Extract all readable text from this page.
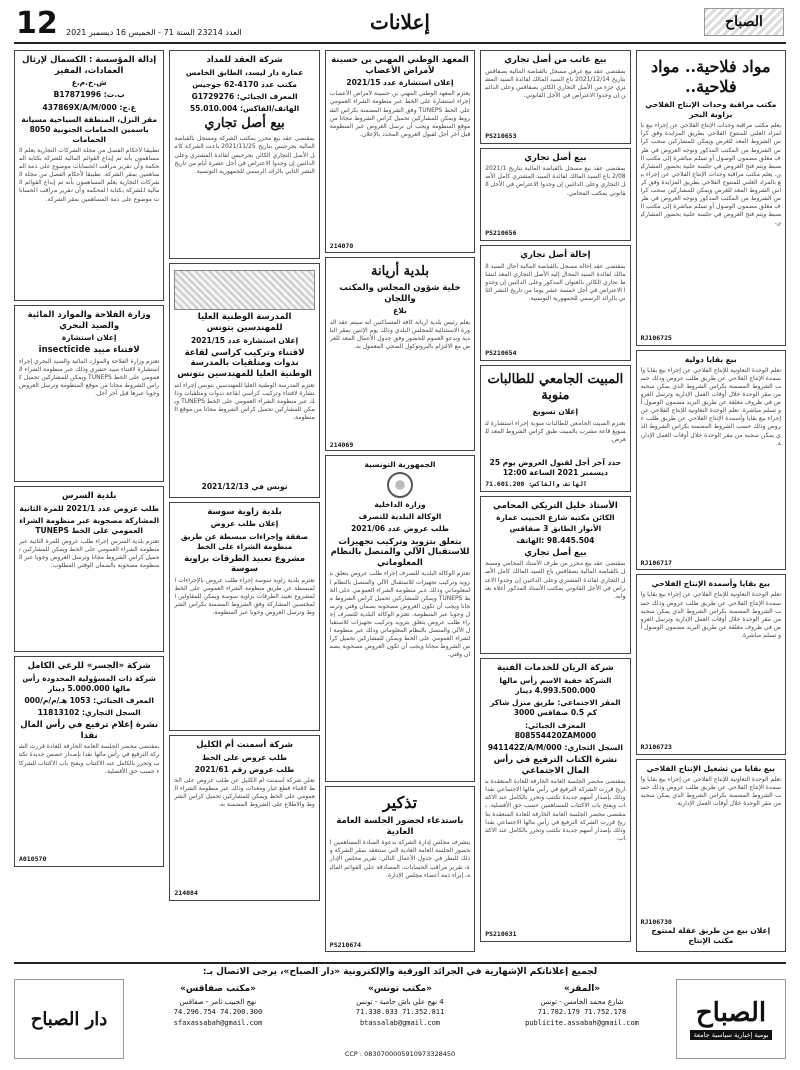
12 العدد 23214 السنة 71 - الخميس 16 ديسمبر 2021	إعلانات	الصباح
مواد فلاحية.. مواد فلاحية..
مكتب مراقبة وحدات الإنتاج الفلاحي بزاوية البحر
يعلم مكتب مراقبة وحدات الإنتاج الفلاحي عن إجراء بيع بالمزاد العلني للمنتوج الفلاحي بطريق المزايدة وفق كراس الشروط المعد للغرض ويمكن للمشاركين سحب كراس الشروط من المكتب المذكور وتوجه العروض في ظرف مغلق مضمون الوصول أو تسلم مباشرة إلى مكتب الضبط ويتم فتح العروض في جلسة علنية بحضور المشاركين. يعلم مكتب مراقبة وحدات الإنتاج الفلاحي عن إجراء بيع بالمزاد العلني للمنتوج الفلاحي بطريق المزايدة وفق كراس الشروط المعد للغرض ويمكن للمشاركين سحب كراس الشروط من المكتب المذكور وتوجه العروض في ظرف مغلق مضمون الوصول أو تسلم مباشرة إلى مكتب الضبط ويتم فتح العروض في جلسة علنية بحضور المشاركين.
RJ106725
بيع بقايا دولية
تعلم الوحدة التعاونية للإنتاج الفلاحي عن إجراء بيع بقايا وأسمدة الإنتاج الفلاحي عن طريق طلب عروض وذلك حسب الشروط المضمنة بكراس الشروط الذي يمكن سحبه من مقر الوحدة خلال أوقات العمل الإدارية وترسل العروض في ظروف مغلقة عن طريق البريد مضمون الوصول أو تسلم مباشرة. تعلم الوحدة التعاونية للإنتاج الفلاحي عن إجراء بيع بقايا وأسمدة الإنتاج الفلاحي عن طريق طلب عروض وذلك حسب الشروط المضمنة بكراس الشروط الذي يمكن سحبه من مقر الوحدة خلال أوقات العمل الإدارية.
RJ106717
بيع بقايا وأسمدة الإنتاج الفلاحي
تعلم الوحدة التعاونية للإنتاج الفلاحي عن إجراء بيع بقايا وأسمدة الإنتاج الفلاحي عن طريق طلب عروض وذلك حسب الشروط المضمنة بكراس الشروط الذي يمكن سحبه من مقر الوحدة خلال أوقات العمل الإدارية وترسل العروض في ظروف مغلقة عن طريق البريد مضمون الوصول أو تسلم مباشرة.
RJ106723
بيع بقايا من تشغيل الإنتاج الفلاحي
تعلم الوحدة التعاونية للإنتاج الفلاحي عن إجراء بيع بقايا وأسمدة الإنتاج الفلاحي عن طريق طلب عروض وذلك حسب الشروط المضمنة بكراس الشروط الذي يمكن سحبه من مقر الوحدة خلال أوقات العمل الإدارية.
RJ106730
إعلان بيع من طريق عقلة لمنتوج مكتب الإنتاج
بيع عاتب من أصل تجاري
بمقتضى عقد بيع عرفي مسجل بالقباضة المالية بصفاقس بتاريخ 2021/12/14 باع السيد المالك لفائدة السيد المشتري جزء من الأصل التجاري الكائن بصفاقس وعلى الدائنين إن وجدوا الاعتراض في الأجل القانوني.
PS210653
بيع أصل تجاري
بمقتضى عقد بيع مسجل بالقباضة المالية بتاريخ 2021/12/08 باع السيد المالك لفائدة السيد المشتري كامل الأصل التجاري وعلى الدائنين إن وجدوا الاعتراض في الأجل القانوني بمكتب المحامي.
PS210656
إحالة أصل تجاري
بمقتضى عقد إحالة مسجل بالقباضة المالية أحال السيد المالك لفائدة السيد المحال إليه الأصل التجاري المعد لنشاط تجاري الكائن بالعنوان المذكور وعلى الدائنين إن وجدوا الاعتراض في أجل خمسة عشر يوما من تاريخ النشر الثاني بالرائد الرسمي للجمهورية التونسية.
PS210654
المبيت الجامعي للطالبات منوبة
إعلان تسويغ
يعتزم المبيت الجامعي للطالبات منوبة إجراء استشارة لتسويغ قاعة مشرب بالمبيت طبق كراس الشروط المعد للغرض.
حدد آخر أجل لقبول العروض يوم 25 ديسمبر 2021 الساعة 12:00
71.601.200 :الهاتف والفاكس
الأستاذ خليل التريكي المحامي
الكائن مكتبه شارع الحبيب عمارة الأنوار الطابق 3 صفاقس
98.445.504 :الهاتف
بيع أصل تجاري
بمقتضى عقد بيع محرر من طرف الأستاذ المحامي ومسجل بالقباضة المالية بصفاقس باع السيد المالك كامل الأصل التجاري لفائدة المشتري وعلى الدائنين إن وجدوا الاعتراض في الأجل القانوني بمكتب الأستاذ المذكور أعلاه بعنوانه.
شركة الريان للخدمات الفنية
الشركة خفية الاسم رأس مالها 4.993.500.000 دينار
المقر الاجتماعي: طريق منزل شاكر كم 0.5 صفاقس 3000
المعرف الجبائي: 808554420ZAM000
السجل التجاري: 941142Z/A/M/000
نشرة الكتاب الترفيع في رأس المال الاجتماعي
بمقتضى محضر الجلسة العامة الخارقة للعادة المنعقدة بتاريخ قررت الشركة الترفيع في رأس مالها الاجتماعي نقدا وذلك بإصدار أسهم جديدة تكتتب وتحرر بالكامل عند الاكتتاب ويفتح باب الاكتتاب للمساهمين حسب حق الأفضلية. بمقتضى محضر الجلسة العامة الخارقة للعادة المنعقدة بتاريخ قررت الشركة الترفيع في رأس مالها الاجتماعي نقدا وذلك بإصدار أسهم جديدة تكتتب وتحرر بالكامل عند الاكتتاب.
PS210631
المعهد الوطني المهني بن حسينة لأمراض الأعصاب
إعلان استشارة عدد 2021/15
يعتزم المعهد الوطني المهني بن حسينة لأمراض الأعصاب إجراء استشارة على الخط عبر منظومة الشراء العمومي على الخط TUNEPS وفق الشروط المضمنة بكراس الشروط ويمكن للمشاركين تحميل كراس الشروط مجانا من موقع المنظومة ويجب أن ترسل العروض عبر المنظومة قبل آخر أجل لقبول العروض المحدد بالإعلان.
214070
بلدية أريانة
خلية شؤون المجلس والمكتب واللجان
بلاغ
يعلم رئيس بلدية أريانة كافة المتساكنين أنه سيتم عقد الدورة الاستثنائية للمجلس البلدي وذلك يوم الإثنين بمقر البلدية ويدعو العموم للحضور وفق جدول الأعمال المعد للغرض مع الالتزام بالبروتوكول الصحي المعمول به.
214069
الجمهورية التونسية
وزارة الداخلية
الوكالة البلدية للتصرف
طلب عروض عدد 2021/06
بتعلق بتزويد وتركيب تجهيزات للاستقبال الآلي والمتصل بالنظام المعلوماتي
تعتزم الوكالة البلدية للتصرف إجراء طلب عروض يتعلق بتزويد وتركيب تجهيزات للاستقبال الآلي والمتصل بالنظام المعلوماتي وذلك عبر منظومة الشراء العمومي على الخط TUNEPS ويمكن للمشاركين تحميل كراس الشروط مجانا ويجب أن تكون العروض مصحوبة بضمان وقتي وترسل وجوبا عبر المنظومة. تعتزم الوكالة البلدية للتصرف إجراء طلب عروض يتعلق بتزويد وتركيب تجهيزات للاستقبال الآلي والمتصل بالنظام المعلوماتي وذلك عبر منظومة الشراء العمومي على الخط ويمكن للمشاركين تحميل كراس الشروط مجانا ويجب أن تكون العروض مصحوبة بضمان وقتي.
تذكير
باستدعاء لحضور الجلسة العامة العادية
يتشرف مجلس إدارة الشركة بدعوة السادة المساهمين لحضور الجلسة العامة العادية التي ستنعقد بمقر الشركة وذلك للنظر في جدول الأعمال التالي: تقرير مجلس الإدارة، تقرير مراقب الحسابات، المصادقة على القوائم المالية، إبراء ذمة أعضاء مجلس الإدارة.
PS210674
شركة العقد للمداد
عمارة دار ليسد، الطابق الخامس
مكتب عدد 4170-62 جوجيس
المعرف الجبائي: G1729276
الهاتف/الفاكس: 55.010.004
بيع أصل تجاري
بمقتضى عقد بيع محرر بمكتب الشركة ومسجل بالقباضة المالية بجرجيس بتاريخ 2021/11/25 باعت الشركة كامل الأصل التجاري الكائن بجرجيس لفائدة المشتري وعلى الدائنين إن وجدوا الاعتراض في أجل عشرة أيام من تاريخ النشر الثاني بالرائد الرسمي للجمهورية التونسية.
المدرسة الوطنية العليا للمهندسين بتونس
إعلان استشارة عدد 2021/15
لاقتناء وتركيب كراسي لقاعة ندوات ومتلقيات بالمدرسة الوطنية العليا للمهندسين بتونس
تعتزم المدرسة الوطنية العليا للمهندسين بتونس إجراء استشارة لاقتناء وتركيب كراسي لقاعة ندوات ومتلقيات وذلك عبر منظومة الشراء العمومي على الخط TUNEPS ويمكن للمشاركين تحميل كراس الشروط مجانا من موقع المنظومة.
تونس في 2021/12/13
بلدية زاوية سوسة
إعلان طلب عروض
صفقة وإجراءات مبسطة عن طريق منظومة الشراء على الخط
مشروع تعبيد الطرقات بزاوية سوسة
تعتزم بلدية زاوية سوسة إجراء طلب عروض بالإجراءات المبسطة عن طريق منظومة الشراء العمومي على الخط لمشروع تعبيد الطرقات بزاوية سوسة ويمكن للمقاولين المختصين المشاركة وفق الشروط المضمنة بكراس الشروط وترسل العروض وجوبا عبر المنظومة.
شركة أسمنت أم الكليل
طلب عروض على الخط
طلب عروض رقم 2021/61
تعلن شركة أسمنت أم الكليل عن طلب عروض على الخط لاقتناء قطع غيار ومعدات وذلك عبر منظومة الشراء العمومي على الخط ويمكن للمشاركين تحميل كراس الشروط والاطلاع على الشروط المضمنة به.
214084
إدالة المؤسسة : الكسمال لإرثال العمادات، المفير
ش.خ.م.ع
ب.ت: B17871996
ع.ج: 437869X/A/M/000
مقر النزل، المنطقة السياحية مسيانة ياسمين الحمامات الجنوبية 8050 الحمامات
تطبيقا لأحكام الفصل من مجلة الشركات التجارية يعلم المساهمون بأنه تم إيداع القوائم المالية للشركة بكتابة المحكمة وأن تقرير مراقب الحسابات موضوع على ذمة المساهمين بمقر الشركة. تطبيقا لأحكام الفصل من مجلة الشركات التجارية يعلم المساهمون بأنه تم إيداع القوائم المالية للشركة بكتابة المحكمة وأن تقرير مراقب الحسابات موضوع على ذمة المساهمين بمقر الشركة.
وزارة الفلاحة والموارد المائية والصيد البحري
إعلان استشارة
لاقتناء مبيد insecticide
تعتزم وزارة الفلاحة والموارد المائية والصيد البحري إجراء استشارة لاقتناء مبيد حشري وذلك عبر منظومة الشراء العمومي على الخط TUNEPS ويمكن للمشاركين تحميل كراس الشروط مجانا من موقع المنظومة وترسل العروض وجوبا عبرها قبل آخر أجل.
بلدية السرس
طلب عروض عدد 2021/1 للمرة الثانية
المشاركة مصحوبة عبر منظومة الشراء العمومي على الخط TUNEPS
تعتزم بلدية السرس إجراء طلب عروض للمرة الثانية عبر منظومة الشراء العمومي على الخط ويمكن للمشاركين تحميل كراس الشروط مجانا وترسل العروض وجوبا عبر المنظومة مصحوبة بالضمان الوقتي المطلوب.
شركة «الجسر» للرعي الكامل
شركة ذات المسؤولية المحدودة رأس مالها 5.000.000 دينار
المعرف الجبائي: 1053 هـ/م/م/000
السجل التجاري: 11813102
نشرة إعلام ترفيع في رأس المال نقدا
بمقتضى محضر الجلسة العامة الخارقة للعادة قررت الشركة الترفيع في رأس مالها نقدا بإصدار حصص جديدة تكتتب وتحرر بالكامل عند الاكتتاب ويفتح باب الاكتتاب للشركاء حسب حق الأفضلية.
A010570
لجميع إعلاناتكم الإشهارية في الجرائد الورقية والإلكترونية «دار الصباح»، يرجى الاتصال بـ:
الصباح
يومية إخبارية سياسية جامعة
«المقر»
شارع محمد الخامس - تونس
71.782.179 71.752.178
publicite.assabah@gmail.com
«مكتب تونس»
4 نهج علي باش حامبة - تونس
71.338.033 71.352.811
btassalab@gmail.com
«مكتب صفاقس»
نهج الحبيب ثامر - صفاقس
74.296.754 74.200.300
sfaxassabah@gmail.com
دار الصباح
CCP : 0830700005910973328450
